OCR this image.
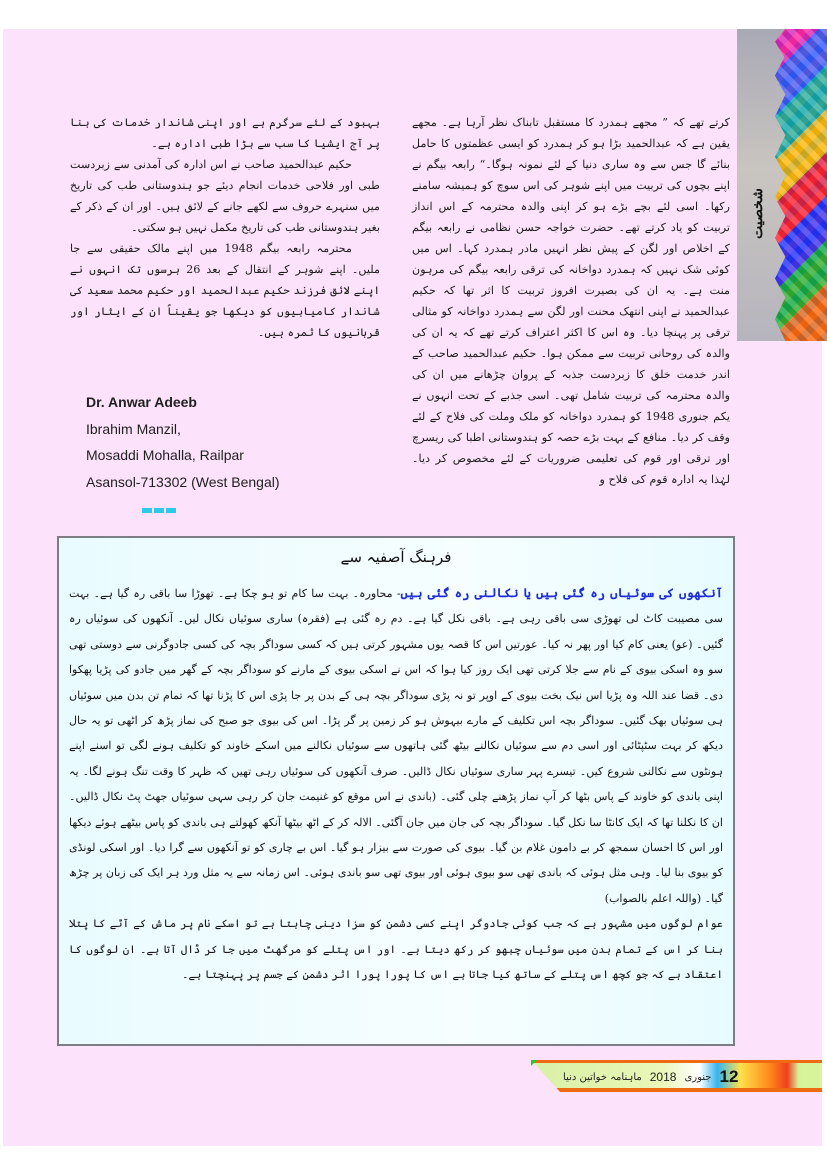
شخصیت

کرتے تھے کہ ” مجھے ہمدرد کا مستقبل تابناک نظر آرہا ہے۔ مجھے یقین ہے کہ عبدالحمید بڑا ہو کر ہمدرد کو ایسی عظمتوں کا حامل بنائے گا جس سے وہ ساری دنیا کے لئے نمونہ ہوگا۔“ رابعہ بیگم نے اپنے بچوں کی تربیت میں اپنے شوہر کی اس سوچ کو ہمیشہ سامنے رکھا۔ اسی لئے بچے بڑے ہو کر اپنی والدہ محترمہ کے اس انداز تربیت کو یاد کرتے تھے۔ حضرت خواجہ حسن نظامی نے رابعہ بیگم کے اخلاص اور لگن کے پیش نظر انہیں مادر ہمدرد کہا۔ اس میں کوئی شک نہیں کہ ہمدرد دواخانہ کی ترقی رابعہ بیگم کی مرہون منت ہے۔ یہ ان کی بصیرت افروز تربیت کا اثر تھا کہ حکیم عبدالحمید نے اپنی انتھک محنت اور لگن سے ہمدرد دواخانہ کو مثالی ترقی پر پہنچا دیا۔ وہ اس کا اکثر اعتراف کرتے تھے کہ یہ ان کی والدہ کی روحانی تربیت سے ممکن ہوا۔ حکیم عبدالحمید صاحب کے اندر خدمت خلق کا زبردست جذبہ کے پروان چڑھانے میں ان کی والدہ محترمہ کی تربیت شامل تھی۔ اسی جذبے کے تحت انہوں نے یکم جنوری 1948 کو ہمدرد دواخانہ کو ملک وملت کی فلاح کے لئے وقف کر دیا۔ منافع کے بہت بڑے حصہ کو ہندوستانی اطبا کی ریسرچ اور ترقی اور قوم کی تعلیمی ضروریات کے لئے مخصوص کر دیا۔ لہٰذا یہ ادارہ قوم کی فلاح و

بہبود کے لئے سرگرم ہے اور اپنی شاندار خدمات کی بنا پر آج ایشیا کا سب سے بڑا طبی ادارہ ہے۔

حکیم عبدالحمید صاحب نے اس ادارہ کی آمدنی سے زبردست طبی اور فلاحی خدمات انجام دیئے جو ہندوستانی طب کی تاریخ میں سنہرے حروف سے لکھے جانے کے لائق ہیں۔ اور ان کے ذکر کے بغیر ہندوستانی طب کی تاریخ مکمل نہیں ہو سکتی۔

محترمہ رابعہ بیگم 1948 میں اپنے مالک حقیقی سے جا ملیں۔ اپنے شوہر کے انتقال کے بعد 26 برسوں تک انہوں نے اپنے لائق فرزند حکیم عبدالحمید اور حکیم محمد سعید کی شاندار کامیابیوں کو دیکھا جو یقیناً ان کے ایثار اور قربانیوں کا ثمرہ ہیں۔

Dr. Anwar Adeeb
Ibrahim Manzil,
Mosaddi Mohalla, Railpar
Asansol-713302 (West Bengal)
فرہنگ آصفیہ سے

آنکھوں کی سوئیاں رہ گئی ہیں یا نکالنی رہ گئی ہیں- محاورہ۔ بہت سا کام تو ہو چکا ہے۔ تھوڑا سا باقی رہ گیا ہے۔ بہت سی مصیبت کاٹ لی تھوڑی سی باقی رہی ہے۔ باقی نکل گیا ہے۔ دم رہ گئی ہے (فقرہ) ساری سوئیاں نکال لیں۔ آنکھوں کی سوئیاں رہ گئیں۔ (عو) یعنی کام کیا اور پھر نہ کیا۔ عورتیں اس کا قصہ یوں مشہور کرتی ہیں کہ کسی سوداگر بچہ کی کسی جادوگرنی سے دوستی تھی سو وہ اسکی بیوی کے نام سے جلا کرتی تھی ایک روز کیا ہوا کہ اس نے اسکی بیوی کے مارنے کو سوداگر بچہ کے گھر میں جادو کی پڑیا پھکوا دی۔ قضا عند اللہ وہ پڑیا اس نیک بخت بیوی کے اوپر تو نہ پڑی سوداگر بچہ ہی کے بدن پر جا پڑی اس کا پڑنا تھا کہ تمام تن بدن میں سوئیاں ہی سوئیاں بھک گئیں۔ سوداگر بچہ اس تکلیف کے مارے بیہوش ہو کر زمین پر گر پڑا۔ اس کی بیوی جو صبح کی نماز پڑھ کر اٹھی تو یہ حال دیکھ کر بہت سٹپٹائی اور اسی دم سے سوئیاں نکالنے بیٹھ گئی ہاتھوں سے سوئیاں نکالنے میں اسکے خاوند کو تکلیف ہونے لگی تو اسنے اپنے ہونٹوں سے نکالنی شروع کیں۔ تیسرے پہر ساری سوئیاں نکال ڈالیں۔ صرف آنکھوں کی سوئیاں رہی تھیں کہ ظہر کا وقت تنگ ہونے لگا۔ یہ اپنی باندی کو خاوند کے پاس بٹھا کر آپ نماز پڑھنے چلی گئی۔ (باندی نے اس موقع کو غنیمت جان کر رہی سہی سوئیاں جھٹ پٹ نکال ڈالیں۔ ان کا نکلنا تھا کہ ایک کانٹا سا نکل گیا۔ سوداگر بچہ کی جان میں جان آگئی۔ الالہ کر کے اٹھ بیٹھا آنکھ کھولتے ہی باندی کو پاس بیٹھے ہوئے دیکھا اور اس کا احسان سمجھ کر بے دامون غلام بن گیا۔ بیوی کی صورت سے بیزار ہو گیا۔ اس بے چاری کو تو آنکھوں سے گرا دیا۔ اور اسکی لونڈی کو بیوی بنا لیا۔ وہی مثل ہوئی کہ باندی تھی سو بیوی ہوئی اور بیوی تھی سو باندی ہوئی۔ اس زمانہ سے یہ مثل ورد ہر ایک کی زبان پر چڑھ گیا۔ (واللہ اعلم بالصواب)

عوام لوگوں میں مشہور ہے کہ جب کوئی جادوگر اپنے کسی دشمن کو سزا دینی چاہتا ہے تو اسکے نام پر ماش کے آٹے کا پتلا بنا کر اس کے تمام بدن میں سوئیاں چبھو کر رکھ دیتا ہے۔ اور اس پتلے کو مرگھٹ میں جا کر ڈال آتا ہے۔ ان لوگوں کا اعتقاد ہے کہ جو کچھ اس پتلے کے ساتھ کیا جاتا ہے اس کا پورا پورا اثر دشمن کے جسم پر پہنچتا ہے۔

ماہنامہ خواتین دنیا 2018 جنوری 12
